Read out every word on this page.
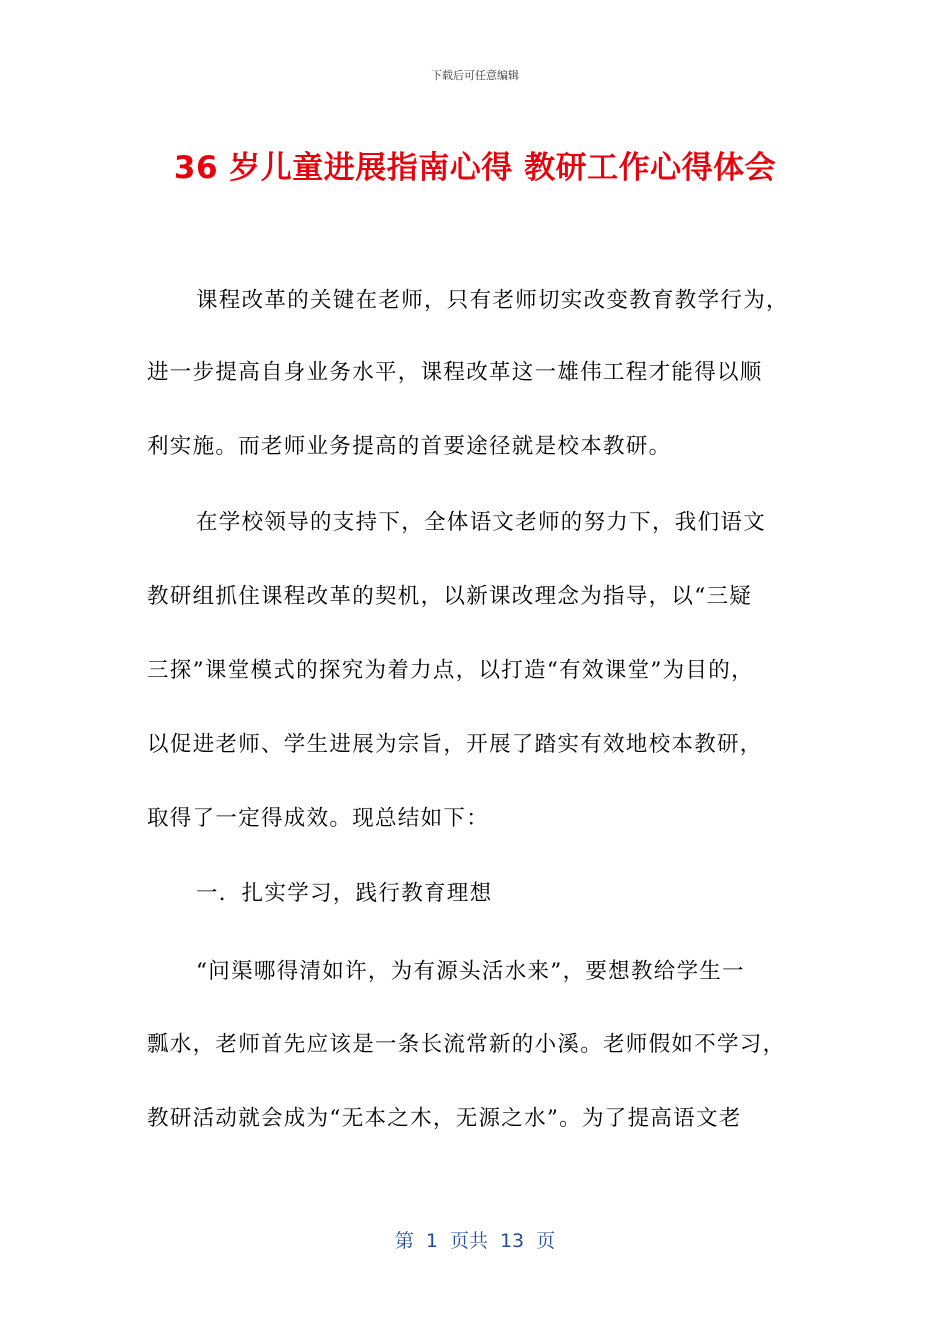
下载后可任意编辑
36 岁儿童进展指南心得 教研工作心得体会
课程改革的关键在老师，只有老师切实改变教育教学行为，
进一步提高自身业务水平，课程改革这一雄伟工程才能得以顺
利实施。而老师业务提高的首要途径就是校本教研。
在学校领导的支持下，全体语文老师的努力下，我们语文
教研组抓住课程改革的契机，以新课改理念为指导，以“三疑
三探”课堂模式的探究为着力点，以打造“有效课堂”为目的，
以促进老师、学生进展为宗旨，开展了踏实有效地校本教研，
取得了一定得成效。现总结如下：
一．扎实学习，践行教育理想
“问渠哪得清如许，为有源头活水来”，要想教给学生一
瓢水，老师首先应该是一条长流常新的小溪。老师假如不学习，
教研活动就会成为“无本之木，无源之水”。为了提高语文老
第 1 页共 13 页
